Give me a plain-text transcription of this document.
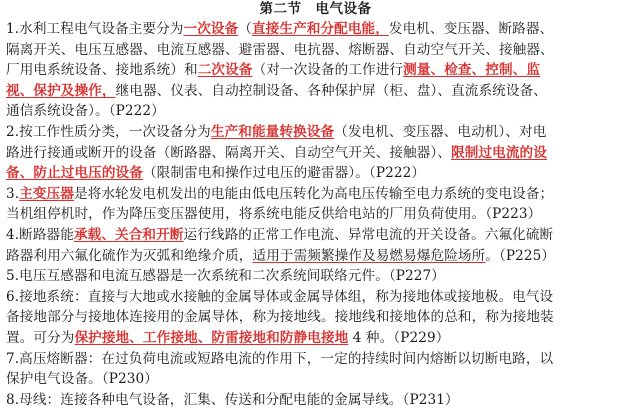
第二节　电气设备
1.水利工程电气设备主要分为一次设备（直接生产和分配电能，发电机、变压器、断路器、
隔离开关、电压互感器、电流互感器、避雷器、电抗器、熔断器、自动空气开关、接触器、
厂用电系统设备、接地系统）和二次设备（对一次设备的工作进行测量、检查、控制、监
视、保护及操作，继电器、仪表、自动控制设备、各种保护屏（柜、盘）、直流系统设备、
通信系统设备）。（P222）
2.按工作性质分类，一次设备分为生产和能量转换设备（发电机、变压器、电动机）、对电
路进行接通或断开的设备（断路器、隔离开关、自动空气开关、接触器）、限制过电流的设
备、防止过电压的设备（限制雷电和操作过电压的避雷器）。（P222）
3.主变压器是将水轮发电机发出的电能由低电压转化为高电压传输至电力系统的变电设备；
当机组停机时，作为降压变压器使用，将系统电能反供给电站的厂用负荷使用。（P223）
4.断路器能承载、关合和开断运行线路的正常工作电流、异常电流的开关设备。六氟化硫断
路器利用六氟化硫作为灭弧和绝缘介质，适用于需频繁操作及易燃易爆危险场所。（P225）
5.电压互感器和电流互感器是一次系统和二次系统间联络元件。（P227）
6.接地系统：直接与大地或水接触的金属导体或金属导体组，称为接地体或接地极。电气设
备接地部分与接地体连接用的金属导体，称为接地线。接地线和接地体的总和，称为接地装
置。可分为保护接地、工作接地、防雷接地和防静电接地 4 种。（P229）
7.高压熔断器：在过负荷电流或短路电流的作用下，一定的持续时间内熔断以切断电路，以
保护电气设备。（P230）
8.母线：连接各种电气设备，汇集、传送和分配电能的金属导线。（P231）
